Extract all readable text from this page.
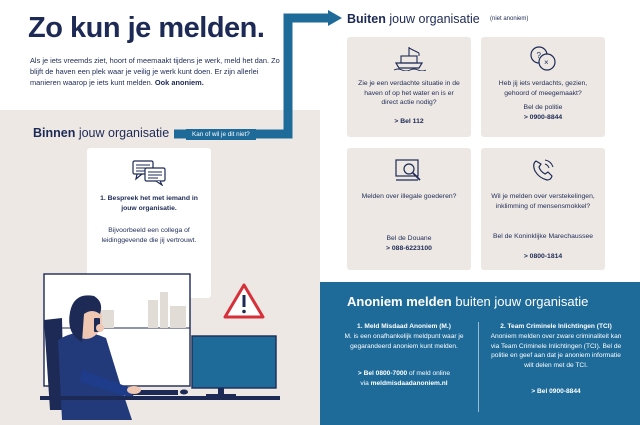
Zo kun je melden.

Als je iets vreemds ziet, hoort of meemaakt tijdens je werk, meld het dan. Zo blijft de haven een plek waar je veilig je werk kunt doen. Er zijn allerlei manieren waarop je iets kunt melden. Ook anoniem.

Binnen jouw organisatie	Kan of wil je dit niet?
1. Bespreek het met iemand in jouw organisatie.
Bijvoorbeeld een collega of leidinggevende die jij vertrouwt.
Buiten jouw organisatie (niet anoniem)
Zie je een verdachte situatie in de haven of op het water en is er direct actie nodig?
> Bel 112
?
×
Heb jij iets verdachts, gezien, gehoord of meegemaakt?
Bel de politie
> 0900-8844
Melden over illegale goederen?
Bel de Douane
> 088-6223100
Wil je melden over verstekelingen, inklimming of mensensmokkel?
Bel de Koninklijke Marechaussee
> 0800-1814
Anoniem melden buiten jouw organisatie
1. Meld Misdaad Anoniem (M.)
M. is een onafhankelijk meldpunt waar je gegarandeerd anoniem kunt melden.
> Bel 0800-7000 of meld online
via meldmisdaadanoniem.nl
2. Team Criminele Inlichtingen (TCI)
Anoniem melden over zware criminaliteit kan via Team Criminele Inlichtingen (TCI). Bel de politie en geef aan dat je anoniem informatie wilt delen met de TCI.
> Bel 0900-8844
